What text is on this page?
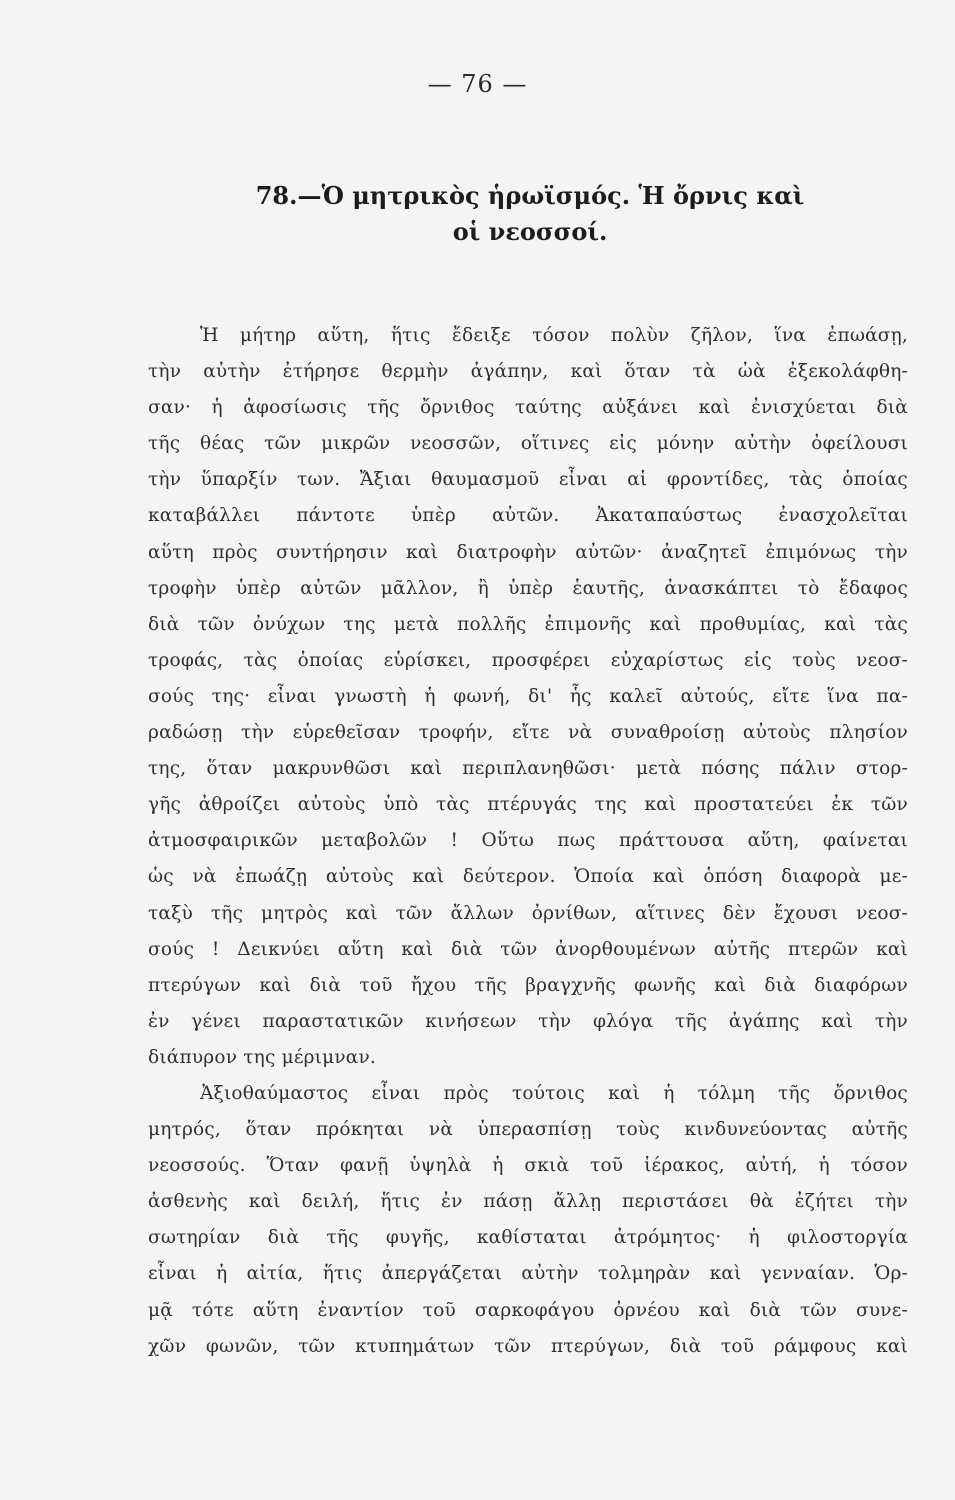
— 76 —
78.—Ὁ μητρικὸς ἡρωϊσμός. Ἡ ὄρνις καὶ
οἱ νεοσσοί.
Ἡ μήτηρ αὕτη, ἥτις ἔδειξε τόσον πολὺν ζῆλον, ἵνα ἐπωάσῃ,
τὴν αὐτὴν ἐτήρησε θερμὴν ἀγάπην, καὶ ὅταν τὰ ὠὰ ἐξεκολάφθη-
σαν· ἡ ἀφοσίωσις τῆς ὄρνιθος ταύτης αὐξάνει καὶ ἐνισχύεται διὰ
τῆς θέας τῶν μικρῶν νεοσσῶν, οἵτινες εἰς μόνην αὐτὴν ὀφείλουσι
τὴν ὕπαρξίν των. Ἄξιαι θαυμασμοῦ εἶναι αἱ φροντίδες, τὰς ὁποίας
καταβάλλει πάντοτε ὑπὲρ αὐτῶν. Ἀκαταπαύστως ἐνασχολεῖται
αὕτη πρὸς συντήρησιν καὶ διατροφὴν αὐτῶν· ἀναζητεῖ ἐπιμόνως τὴν
τροφὴν ὑπὲρ αὐτῶν μᾶλλον, ἢ ὑπὲρ ἑαυτῆς, ἀνασκάπτει τὸ ἔδαφος
διὰ τῶν ὀνύχων της μετὰ πολλῆς ἐπιμονῆς καὶ προθυμίας, καὶ τὰς
τροφάς, τὰς ὁποίας εὑρίσκει, προσφέρει εὐχαρίστως εἰς τοὺς νεοσ-
σούς της· εἶναι γνωστὴ ἡ φωνή, δι' ἧς καλεῖ αὐτούς, εἴτε ἵνα πα-
ραδώσῃ τὴν εὑρεθεῖσαν τροφήν, εἴτε νὰ συναθροίσῃ αὐτοὺς πλησίον
της, ὅταν μακρυνθῶσι καὶ περιπλανηθῶσι· μετὰ πόσης πάλιν στορ-
γῆς ἀθροίζει αὐτοὺς ὑπὸ τὰς πτέρυγάς της καὶ προστατεύει ἐκ τῶν
ἀτμοσφαιρικῶν μεταβολῶν ! Οὕτω πως πράττουσα αὕτη, φαίνεται
ὡς νὰ ἐπωάζῃ αὐτοὺς καὶ δεύτερον. Ὁποία καὶ ὁπόση διαφορὰ με-
ταξὺ τῆς μητρὸς καὶ τῶν ἄλλων ὀρνίθων, αἵτινες δὲν ἔχουσι νεοσ-
σούς ! Δεικνύει αὕτη καὶ διὰ τῶν ἀνορθουμένων αὐτῆς πτερῶν καὶ
πτερύγων καὶ διὰ τοῦ ἤχου τῆς βραγχνῆς φωνῆς καὶ διὰ διαφόρων
ἐν γένει παραστατικῶν κινήσεων τὴν φλόγα τῆς ἀγάπης καὶ τὴν
διάπυρον της μέριμναν.
Ἀξιοθαύμαστος εἶναι πρὸς τούτοις καὶ ἡ τόλμη τῆς ὄρνιθος
μητρός, ὅταν πρόκηται νὰ ὑπερασπίσῃ τοὺς κινδυνεύοντας αὐτῆς
νεοσσούς. Ὅταν φανῇ ὑψηλὰ ἡ σκιὰ τοῦ ἱέρακος, αὐτή, ἡ τόσον
ἀσθενὴς καὶ δειλή, ἥτις ἐν πάσῃ ἄλλῃ περιστάσει θὰ ἐζήτει τὴν
σωτηρίαν διὰ τῆς φυγῆς, καθίσταται ἀτρόμητος· ἡ φιλοστοργία
εἶναι ἡ αἰτία, ἥτις ἀπεργάζεται αὐτὴν τολμηρὰν καὶ γενναίαν. Ὁρ-
μᾷ τότε αὕτη ἐναντίον τοῦ σαρκοφάγου ὀρνέου καὶ διὰ τῶν συνε-
χῶν φωνῶν, τῶν κτυπημάτων τῶν πτερύγων, διὰ τοῦ ράμφους καὶ
